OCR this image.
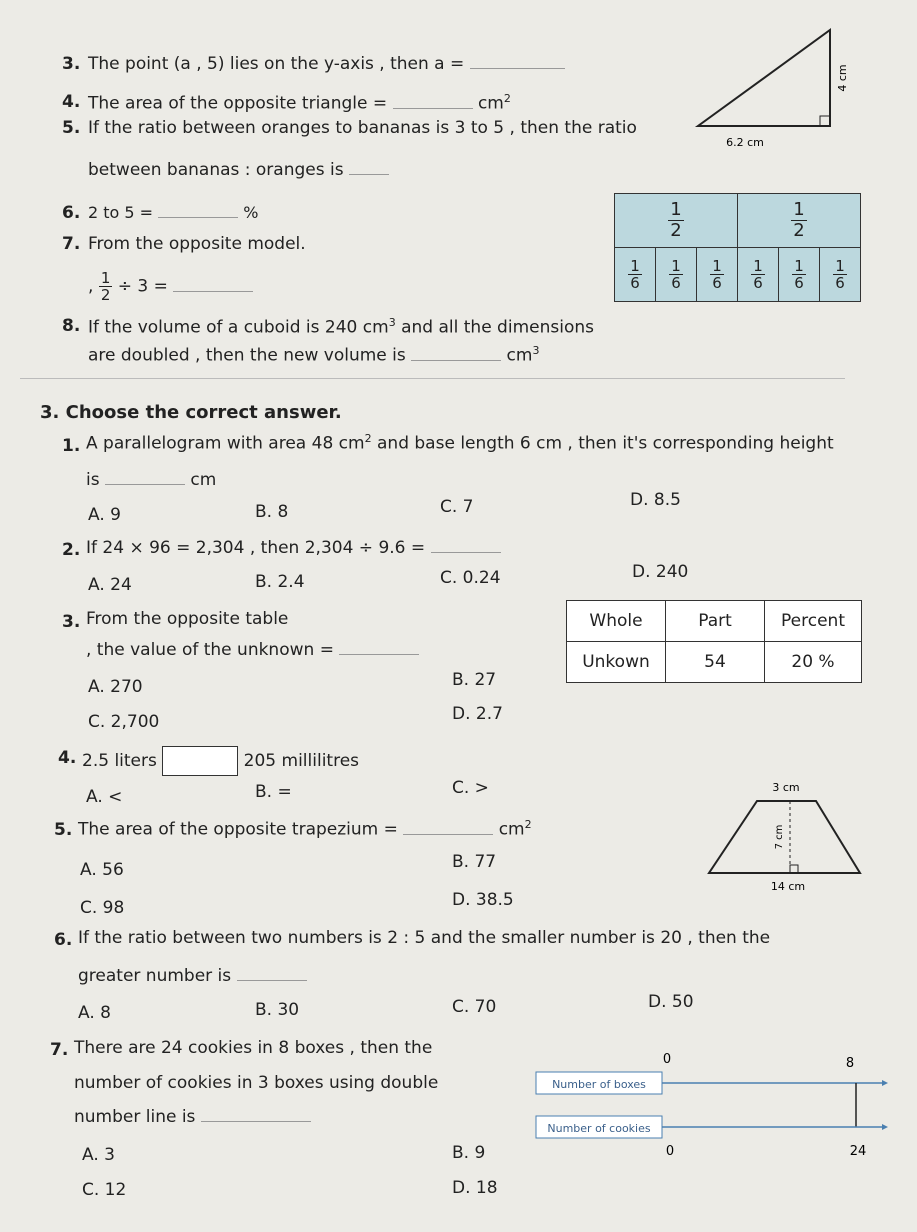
3. The point (a , 5) lies on the y-axis , then a =
4. The area of the opposite triangle =	$cm^2$
5. If the ratio between oranges to bananas is 3 to 5 , then the ratio
between bananas : oranges is
6. 2 to 5 =	%
7. From the opposite model.
, $\frac{1}{2} \div 3$ =
8. If the volume of a cuboid is 240 $cm^3$ and all the dimensions
are doubled , then the new volume is	$cm^3$
4 cm
6.2 cm
$\frac{1}{2}$			$\frac{1}{2}$

$\frac{1}{6}$	$\frac{1}{6}$	$\frac{1}{6}$	$\frac{1}{6}$	$\frac{1}{6}$	$\frac{1}{6}$
3. Choose the correct answer.
1. A parallelogram with area 48 $cm^2$ and base length 6 cm , then it's corresponding height
is	cm
A. 9	B. 8	C. 7	D. 8.5
2. If 24 × 96 = 2,304 , then 2,304 ÷ 9.6 =
A. 24	B. 2.4	C. 0.24	D. 240
3. From the opposite table
, the value of the unknown =
A. 270	B. 27
C. 2,700	D. 2.7
Whole	Part	Percent
Unkown	54	20 %
4. 2.5 liters	205 millilitres
A. <	B. =	C. >	3 cm
7 cm
14 cm
5. The area of the opposite trapezium =	$cm^2$
A. 56	B. 77
C. 98	D. 38.5
6. If the ratio between two numbers is 2 : 5 and the smaller number is 20 , then the
greater number is
A. 8	B. 30	C. 70	D. 50
7. There are 24 cookies in 8 boxes , then the
number of cookies in 3 boxes using double
number line is
A. 3	B. 9
C. 12	D. 18
0	8
Number of boxes
Number of cookies
0	24
